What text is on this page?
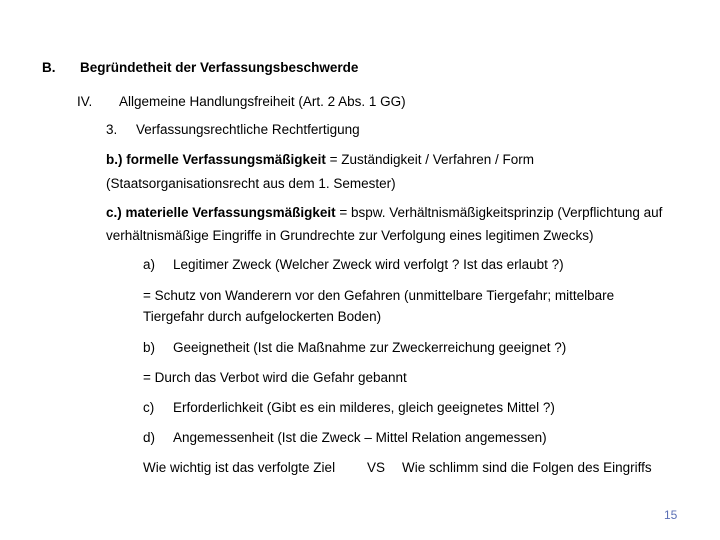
B. Begründetheit der Verfassungsbeschwerde
IV. Allgemeine Handlungsfreiheit (Art. 2 Abs. 1 GG)
3. Verfassungsrechtliche Rechtfertigung
b.) formelle Verfassungsmäßigkeit = Zuständigkeit / Verfahren / Form
(Staatsorganisationsrecht aus dem 1. Semester)
c.) materielle Verfassungsmäßigkeit = bspw. Verhältnismäßigkeitsprinzip (Verpflichtung auf
verhältnismäßige Eingriffe in Grundrechte zur Verfolgung eines legitimen Zwecks)
a) Legitimer Zweck (Welcher Zweck wird verfolgt ? Ist das erlaubt ?)
= Schutz von Wanderern vor den Gefahren (unmittelbare Tiergefahr; mittelbare
Tiergefahr durch aufgelockerten Boden)
b) Geeignetheit (Ist die Maßnahme zur Zweckerreichung geeignet ?)
= Durch das Verbot wird die Gefahr gebannt
c) Erforderlichkeit (Gibt es ein milderes, gleich geeignetes Mittel ?)
d) Angemessenheit (Ist die Zweck – Mittel Relation angemessen)
Wie wichtig ist das verfolgte Ziel VS Wie schlimm sind die Folgen des Eingriffs
15
